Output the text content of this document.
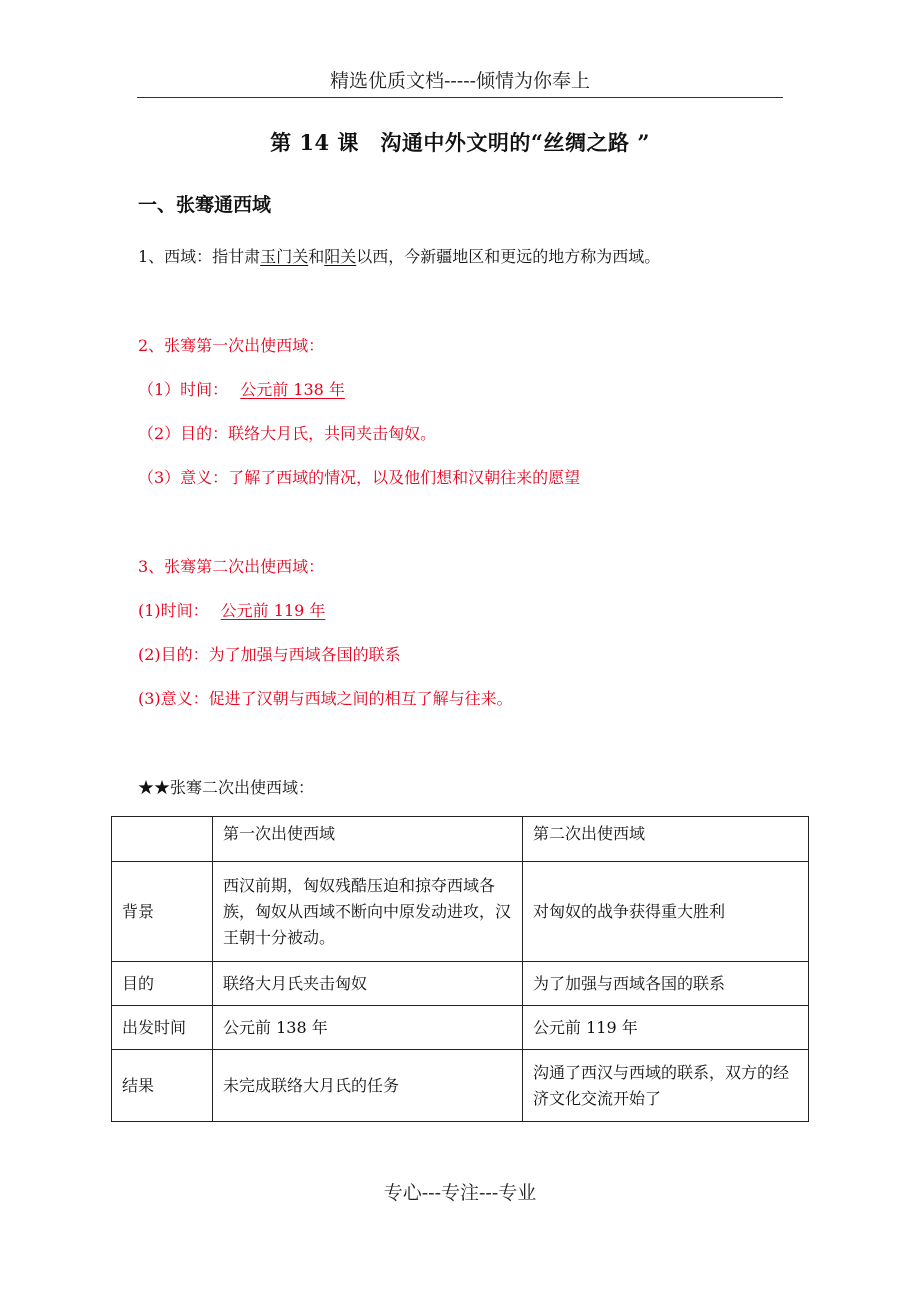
精选优质文档-----倾情为你奉上
第 14 课　沟通中外文明的“丝绸之路 ”
一、张骞通西域
1、西域：指甘肃玉门关和阳关以西，今新疆地区和更远的地方称为西域。
2、张骞第一次出使西域：
（1）时间： 公元前 138 年
（2）目的：联络大月氏，共同夹击匈奴。
（3）意义：了解了西域的情况，以及他们想和汉朝往来的愿望
3、张骞第二次出使西域：
(1)时间： 公元前 119 年
(2)目的：为了加强与西域各国的联系
(3)意义：促进了汉朝与西域之间的相互了解与往来。
★★张骞二次出使西域：
	第一次出使西域	第二次出使西域
背景	西汉前期，匈奴残酷压迫和掠夺西域各族，匈奴从西域不断向中原发动进攻，汉王朝十分被动。	对匈奴的战争获得重大胜利
目的	联络大月氏夹击匈奴	为了加强与西域各国的联系
出发时间	公元前 138 年	公元前 119 年
结果	未完成联络大月氏的任务	沟通了西汉与西域的联系，双方的经济文化交流开始了
专心---专注---专业
